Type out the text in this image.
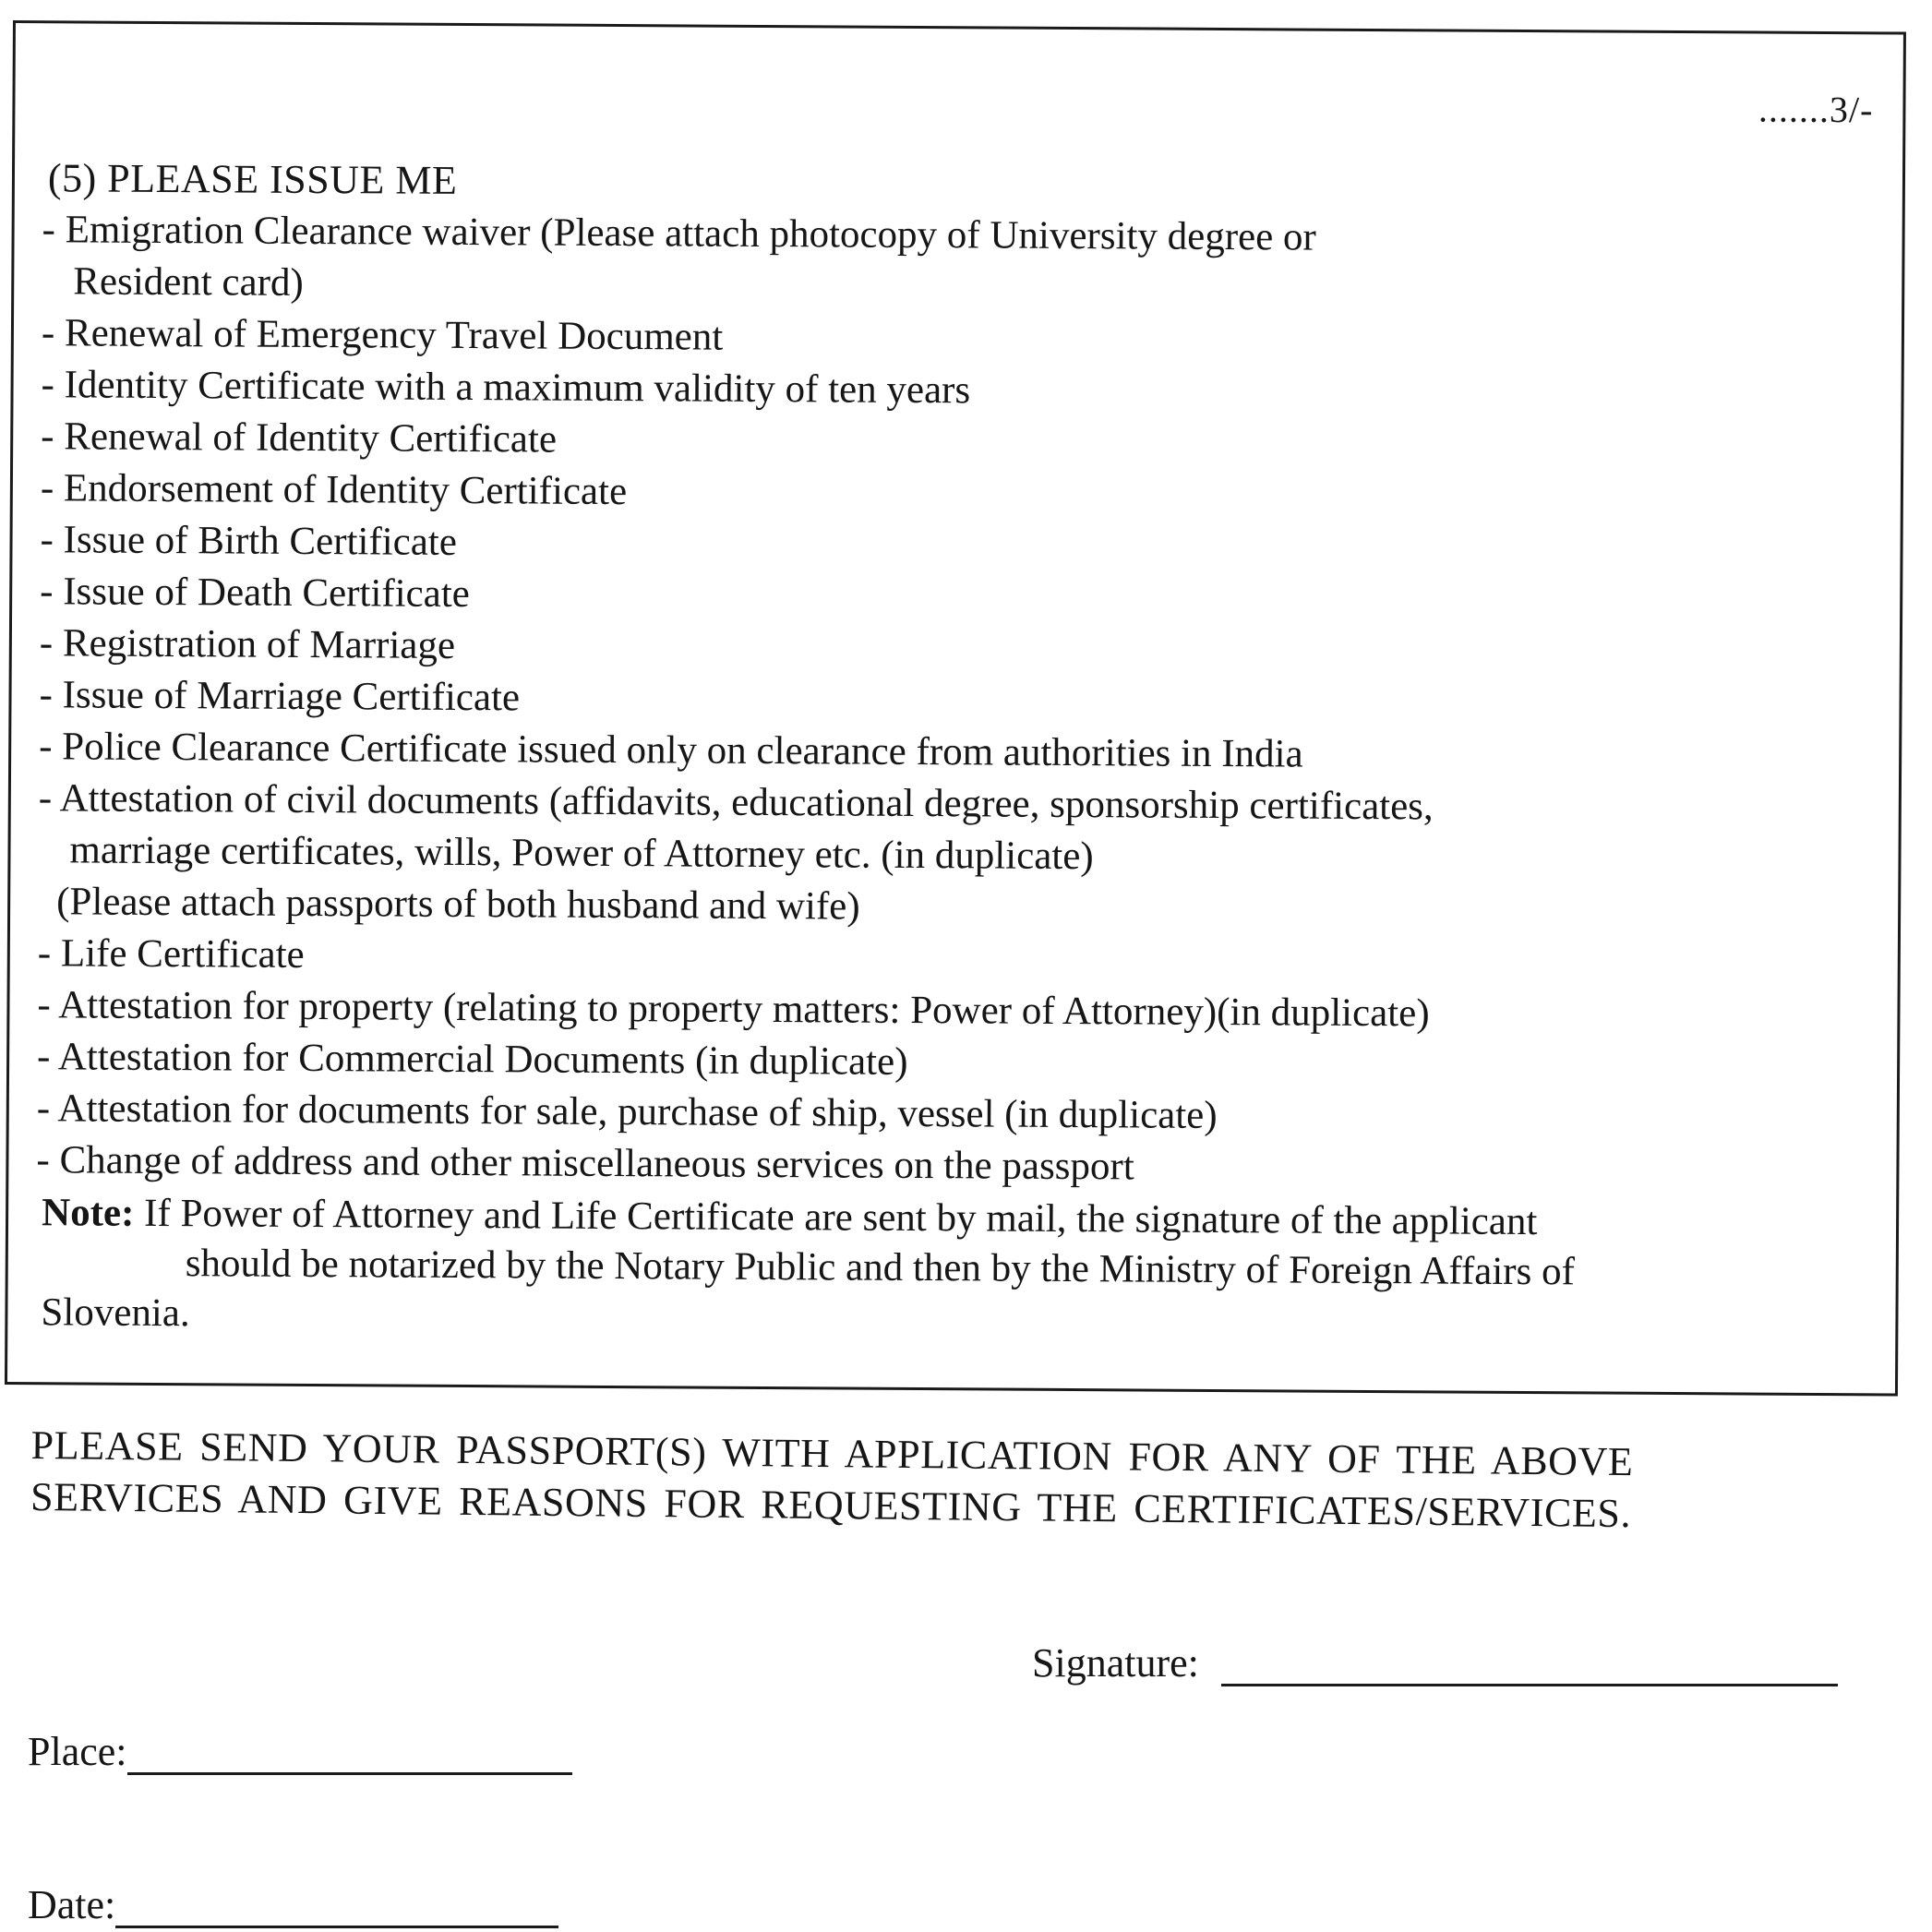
.......3/-
(5) PLEASE ISSUE ME
- Emigration Clearance waiver (Please attach photocopy of University degree or
Resident card)
- Renewal of Emergency Travel Document
- Identity Certificate with a maximum validity of ten years
- Renewal of Identity Certificate
- Endorsement of Identity Certificate
- Issue of Birth Certificate
- Issue of Death Certificate
- Registration of Marriage
- Issue of Marriage Certificate
- Police Clearance Certificate issued only on clearance from authorities in India
- Attestation of civil documents (affidavits, educational degree, sponsorship certificates,
marriage certificates, wills, Power of Attorney etc. (in duplicate)
(Please attach passports of both husband and wife)
- Life Certificate
- Attestation for property (relating to property matters: Power of Attorney)(in duplicate)
- Attestation for Commercial Documents (in duplicate)
- Attestation for documents for sale, purchase of ship, vessel (in duplicate)
- Change of address and other miscellaneous services on the passport
Note: If Power of Attorney and Life Certificate are sent by mail, the signature of the applicant
should be notarized by the Notary Public and then by the Ministry of Foreign Affairs of
Slovenia.
PLEASE SEND YOUR PASSPORT(S) WITH APPLICATION FOR ANY OF THE ABOVE
SERVICES AND GIVE REASONS FOR REQUESTING THE CERTIFICATES/SERVICES.
Signature:
Place:
Date:
